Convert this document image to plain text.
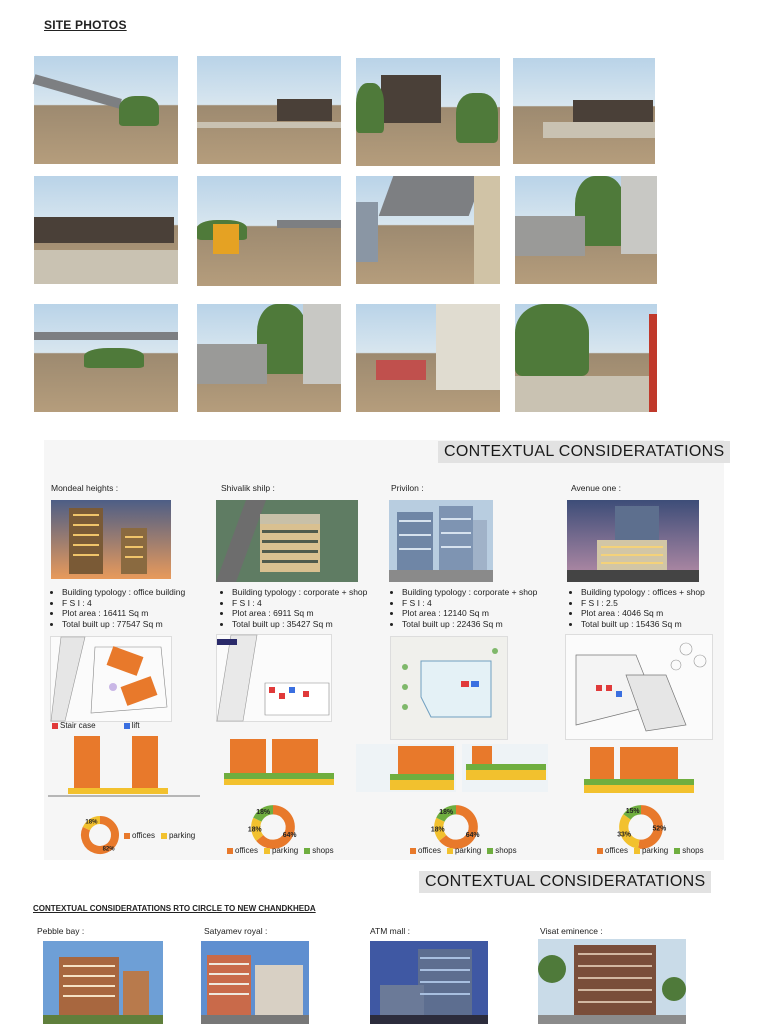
SITE PHOTOS
CONTEXTUAL CONSIDERATATIONS
Mondeal heights :
• Building typology : office building
• F S I : 4
• Plot area : 16411 Sq m
• Total built up : 77547 Sq m
Stair case	lift
82%
18%
offices	parking
Shivalik shilp :
• Building typology : corporate + shop
• F S I : 4
• Plot area : 6911 Sq m
• Total built up : 35427 Sq m
64%
18%
18%
offices	parking	shops
Privilon :
• Building typology : corporate + shop
• F S I : 4
• Plot area : 12140 Sq m
• Total built up : 22436 Sq m
64%
18%
18%
offices	parking	shops
Avenue one :
• Building typology : offices + shop
• F S I : 2.5
• Plot area : 4046 Sq m
• Total built up : 15436 Sq m
52%
33%
15%
offices	parking	shops
CONTEXTUAL CONSIDERATATIONS
CONTEXTUAL CONSIDERATATIONS RTO CIRCLE TO NEW CHANDKHEDA
Pebble bay :	Satyamev royal :	ATM mall :	Visat eminence :
